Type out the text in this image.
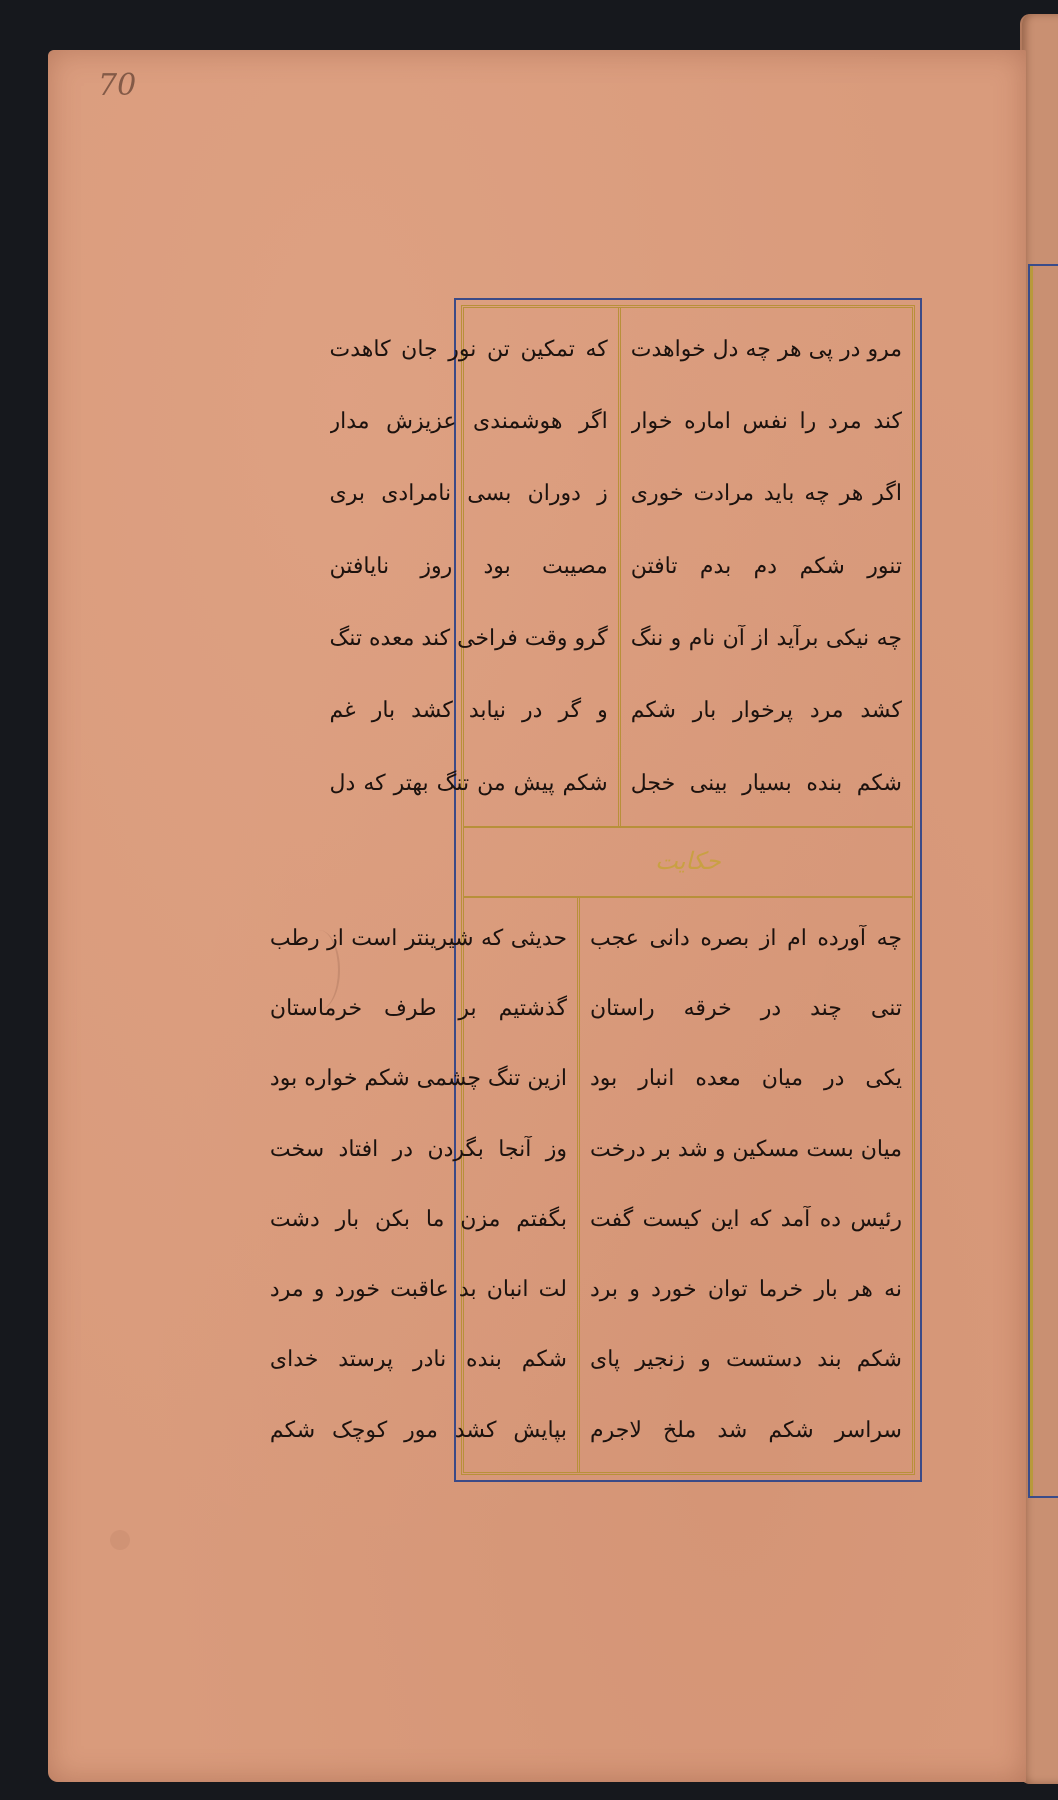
70
مرو در پی هر چه دل خواهدت
کند مرد را نفس اماره خوار
اگر هر چه باید مرادت خوری
تنور شکم دم بدم تافتن
چه نیکی برآید از آن نام و ننگ
کشد مرد پرخوار بار شکم
شکم بنده بسیار بینی خجل
که تمکین تن نور جان کاهدت
اگر هوشمندی عزیزش مدار
ز دوران بسی نامرادی بری
مصیبت بود روز نایافتن
گرو وقت فراخی کند معده تنگ
و گر در نیابد کشد بار غم
شکم پیش من تنگ بهتر که دل
حکایت
چه آورده ام از بصره دانی عجب
تنی چند در خرقه راستان
یکی در میان معده انبار بود
میان بست مسکین و شد بر درخت
رئیس ده آمد که این کیست گفت
نه هر بار خرما توان خورد و برد
شکم بند دستست و زنجیر پای
سراسر شکم شد ملخ لاجرم
حدیثی که شیرینتر است از رطب
گذشتیم بر طرف خرماستان
ازین تنگ چشمی شکم خواره بود
وز آنجا بگردن در افتاد سخت
بگفتم مزن ما بکن بار دشت
لت انبان بد عاقبت خورد و مرد
شکم بنده نادر پرستد خدای
بپایش کشد مور کوچک شکم
